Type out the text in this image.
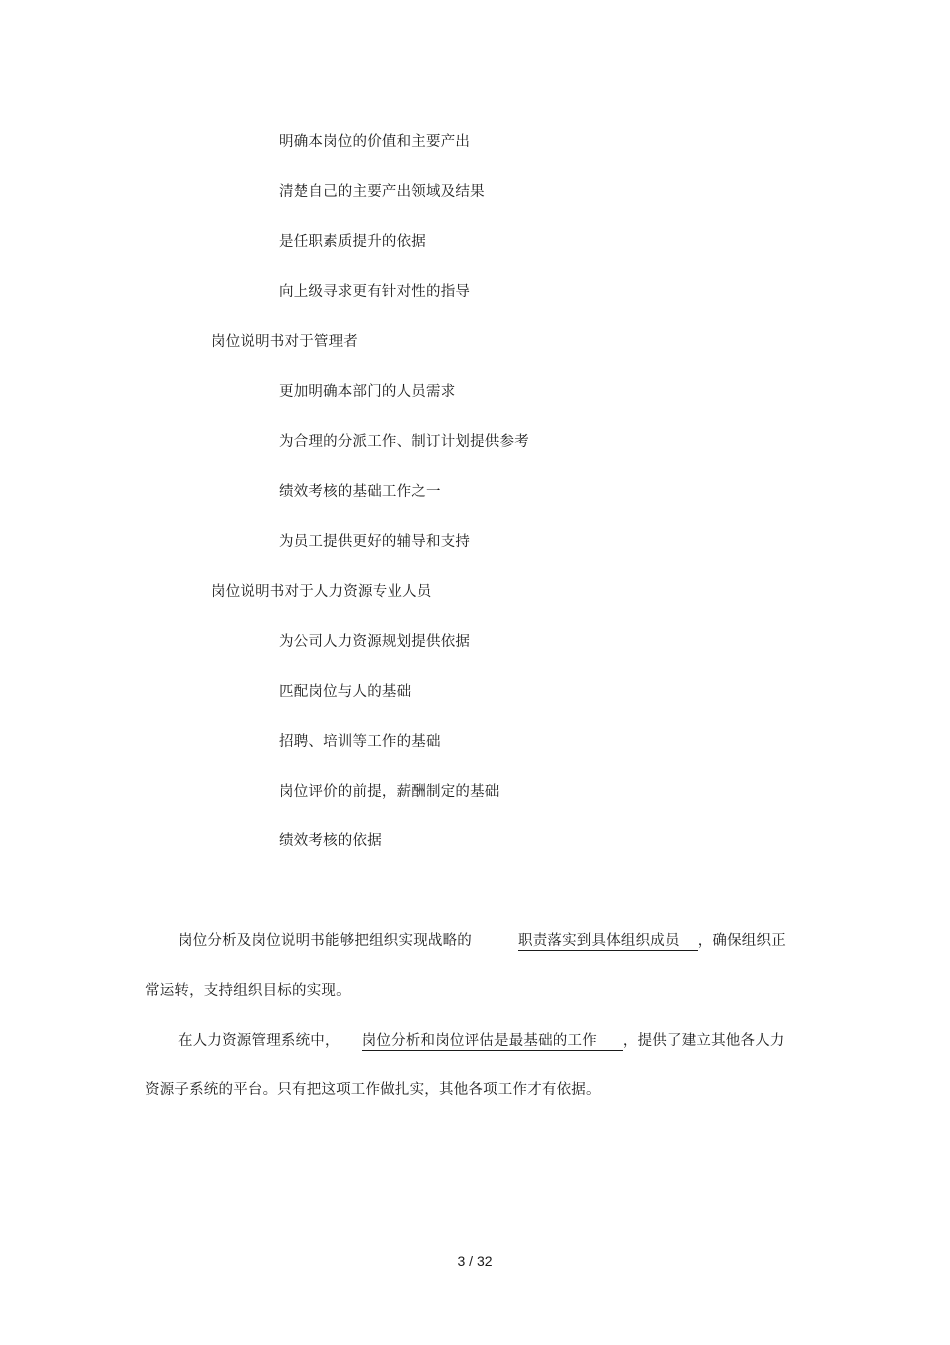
明确本岗位的价值和主要产出
清楚自己的主要产出领域及结果
是任职素质提升的依据
向上级寻求更有针对性的指导
岗位说明书对于管理者
更加明确本部门的人员需求
为合理的分派工作、制订计划提供参考
绩效考核的基础工作之一
为员工提供更好的辅导和支持
岗位说明书对于人力资源专业人员
为公司人力资源规划提供依据
匹配岗位与人的基础
招聘、培训等工作的基础
岗位评价的前提，薪酬制定的基础
绩效考核的依据
岗位分析及岗位说明书能够把组织实现战略的	职责落实到具体组织成员 ，确保组织正
常运转，支持组织目标的实现。
在人力资源管理系统中， 岗位分析和岗位评估是最基础的工作 ，提供了建立其他各人力
资源子系统的平台。只有把这项工作做扎实，其他各项工作才有依据。
3 / 32
